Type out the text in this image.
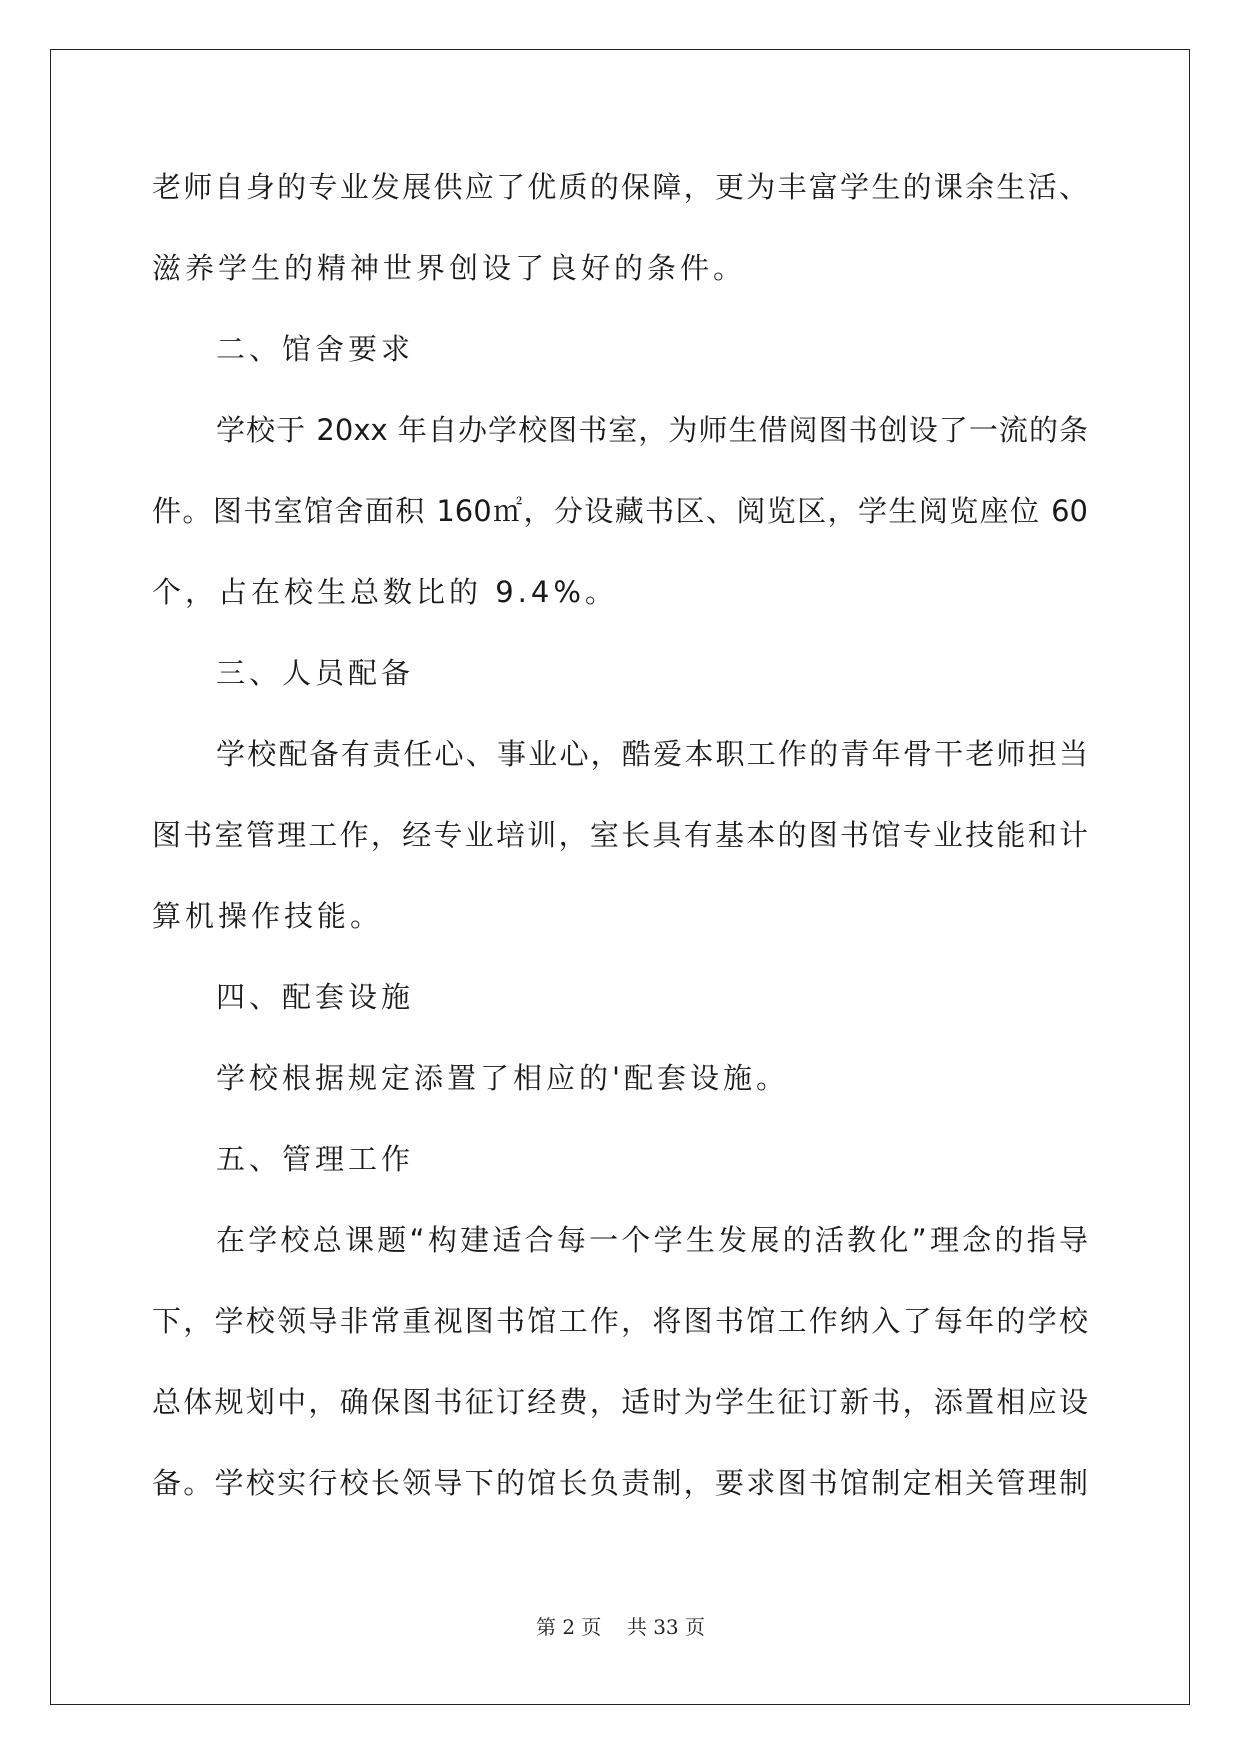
老师自身的专业发展供应了优质的保障，更为丰富学生的课余生活、
滋养学生的精神世界创设了良好的条件。
二、馆舍要求
学校于 20xx 年自办学校图书室，为师生借阅图书创设了一流的条
件。图书室馆舍面积 160㎡，分设藏书区、阅览区，学生阅览座位 60
个，占在校生总数比的 9.4%。
三、人员配备
学校配备有责任心、事业心，酷爱本职工作的青年骨干老师担当
图书室管理工作，经专业培训，室长具有基本的图书馆专业技能和计
算机操作技能。
四、配套设施
学校根据规定添置了相应的'配套设施。
五、管理工作
在学校总课题“构建适合每一个学生发展的活教化”理念的指导
下，学校领导非常重视图书馆工作，将图书馆工作纳入了每年的学校
总体规划中，确保图书征订经费，适时为学生征订新书，添置相应设
备。学校实行校长领导下的馆长负责制，要求图书馆制定相关管理制
第 2 页    共 33 页
